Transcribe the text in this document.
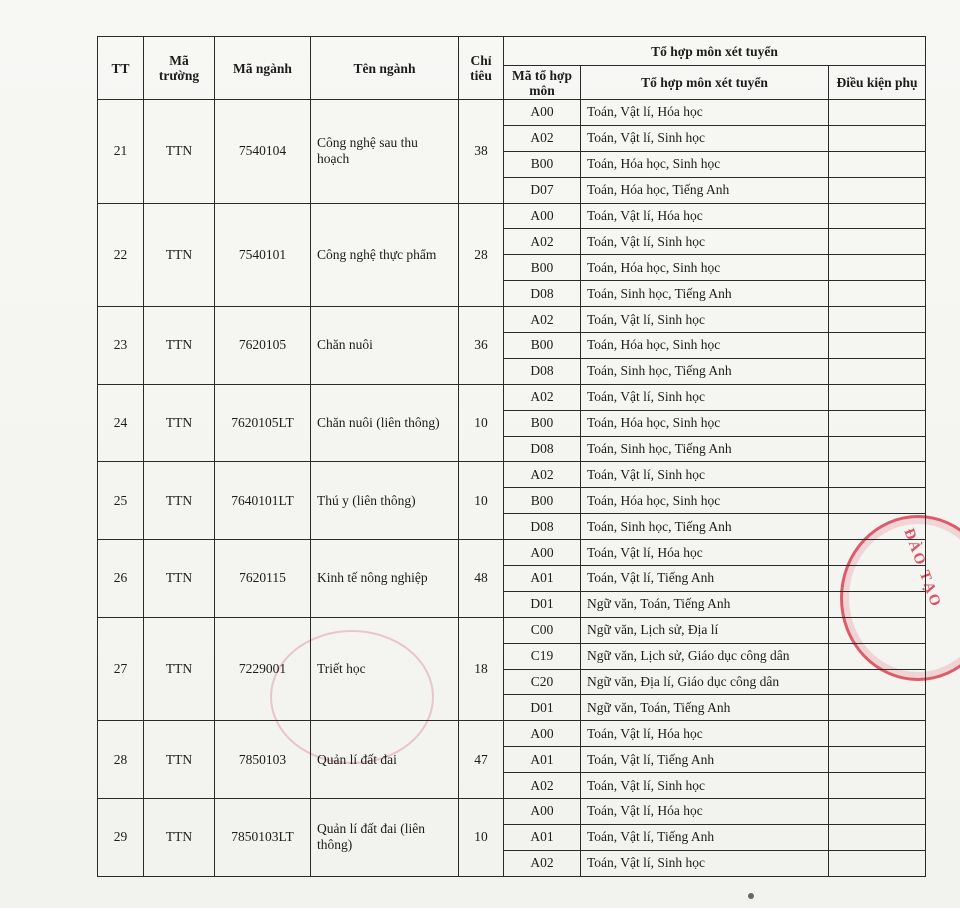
ĐÀO TẠO
TT	Mã trường	Mã ngành	Tên ngành	Chỉ tiêu	Tổ hợp môn xét tuyển		
					Mã tổ hợp môn	Tổ hợp môn xét tuyển	Điều kiện phụ
21	TTN	7540104	Công nghệ sau thu hoạch	38	A00	Toán, Vật lí, Hóa học	
					A02	Toán, Vật lí, Sinh học	
					B00	Toán, Hóa học, Sinh học	
					D07	Toán, Hóa học, Tiếng Anh	
22	TTN	7540101	Công nghệ thực phẩm	28	A00	Toán, Vật lí, Hóa học	
					A02	Toán, Vật lí, Sinh học	
					B00	Toán, Hóa học, Sinh học	
					D08	Toán, Sinh học, Tiếng Anh	
23	TTN	7620105	Chăn nuôi	36	A02	Toán, Vật lí, Sinh học	
					B00	Toán, Hóa học, Sinh học	
					D08	Toán, Sinh học, Tiếng Anh	
24	TTN	7620105LT	Chăn nuôi (liên thông)	10	A02	Toán, Vật lí, Sinh học	
					B00	Toán, Hóa học, Sinh học	
					D08	Toán, Sinh học, Tiếng Anh	
25	TTN	7640101LT	Thú y (liên thông)	10	A02	Toán, Vật lí, Sinh học	
					B00	Toán, Hóa học, Sinh học	
					D08	Toán, Sinh học, Tiếng Anh	
26	TTN	7620115	Kinh tế nông nghiệp	48	A00	Toán, Vật lí, Hóa học	
					A01	Toán, Vật lí, Tiếng Anh	
					D01	Ngữ văn, Toán, Tiếng Anh	
27	TTN	7229001	Triết học	18	C00	Ngữ văn, Lịch sử, Địa lí	
					C19	Ngữ văn, Lịch sử, Giáo dục công dân	
					C20	Ngữ văn, Địa lí, Giáo dục công dân	
					D01	Ngữ văn, Toán, Tiếng Anh	
28	TTN	7850103	Quản lí đất đai	47	A00	Toán, Vật lí, Hóa học	
					A01	Toán, Vật lí, Tiếng Anh	
					A02	Toán, Vật lí, Sinh học	
29	TTN	7850103LT	Quản lí đất đai (liên thông)	10	A00	Toán, Vật lí, Hóa học	
					A01	Toán, Vật lí, Tiếng Anh	
					A02	Toán, Vật lí, Sinh học	
